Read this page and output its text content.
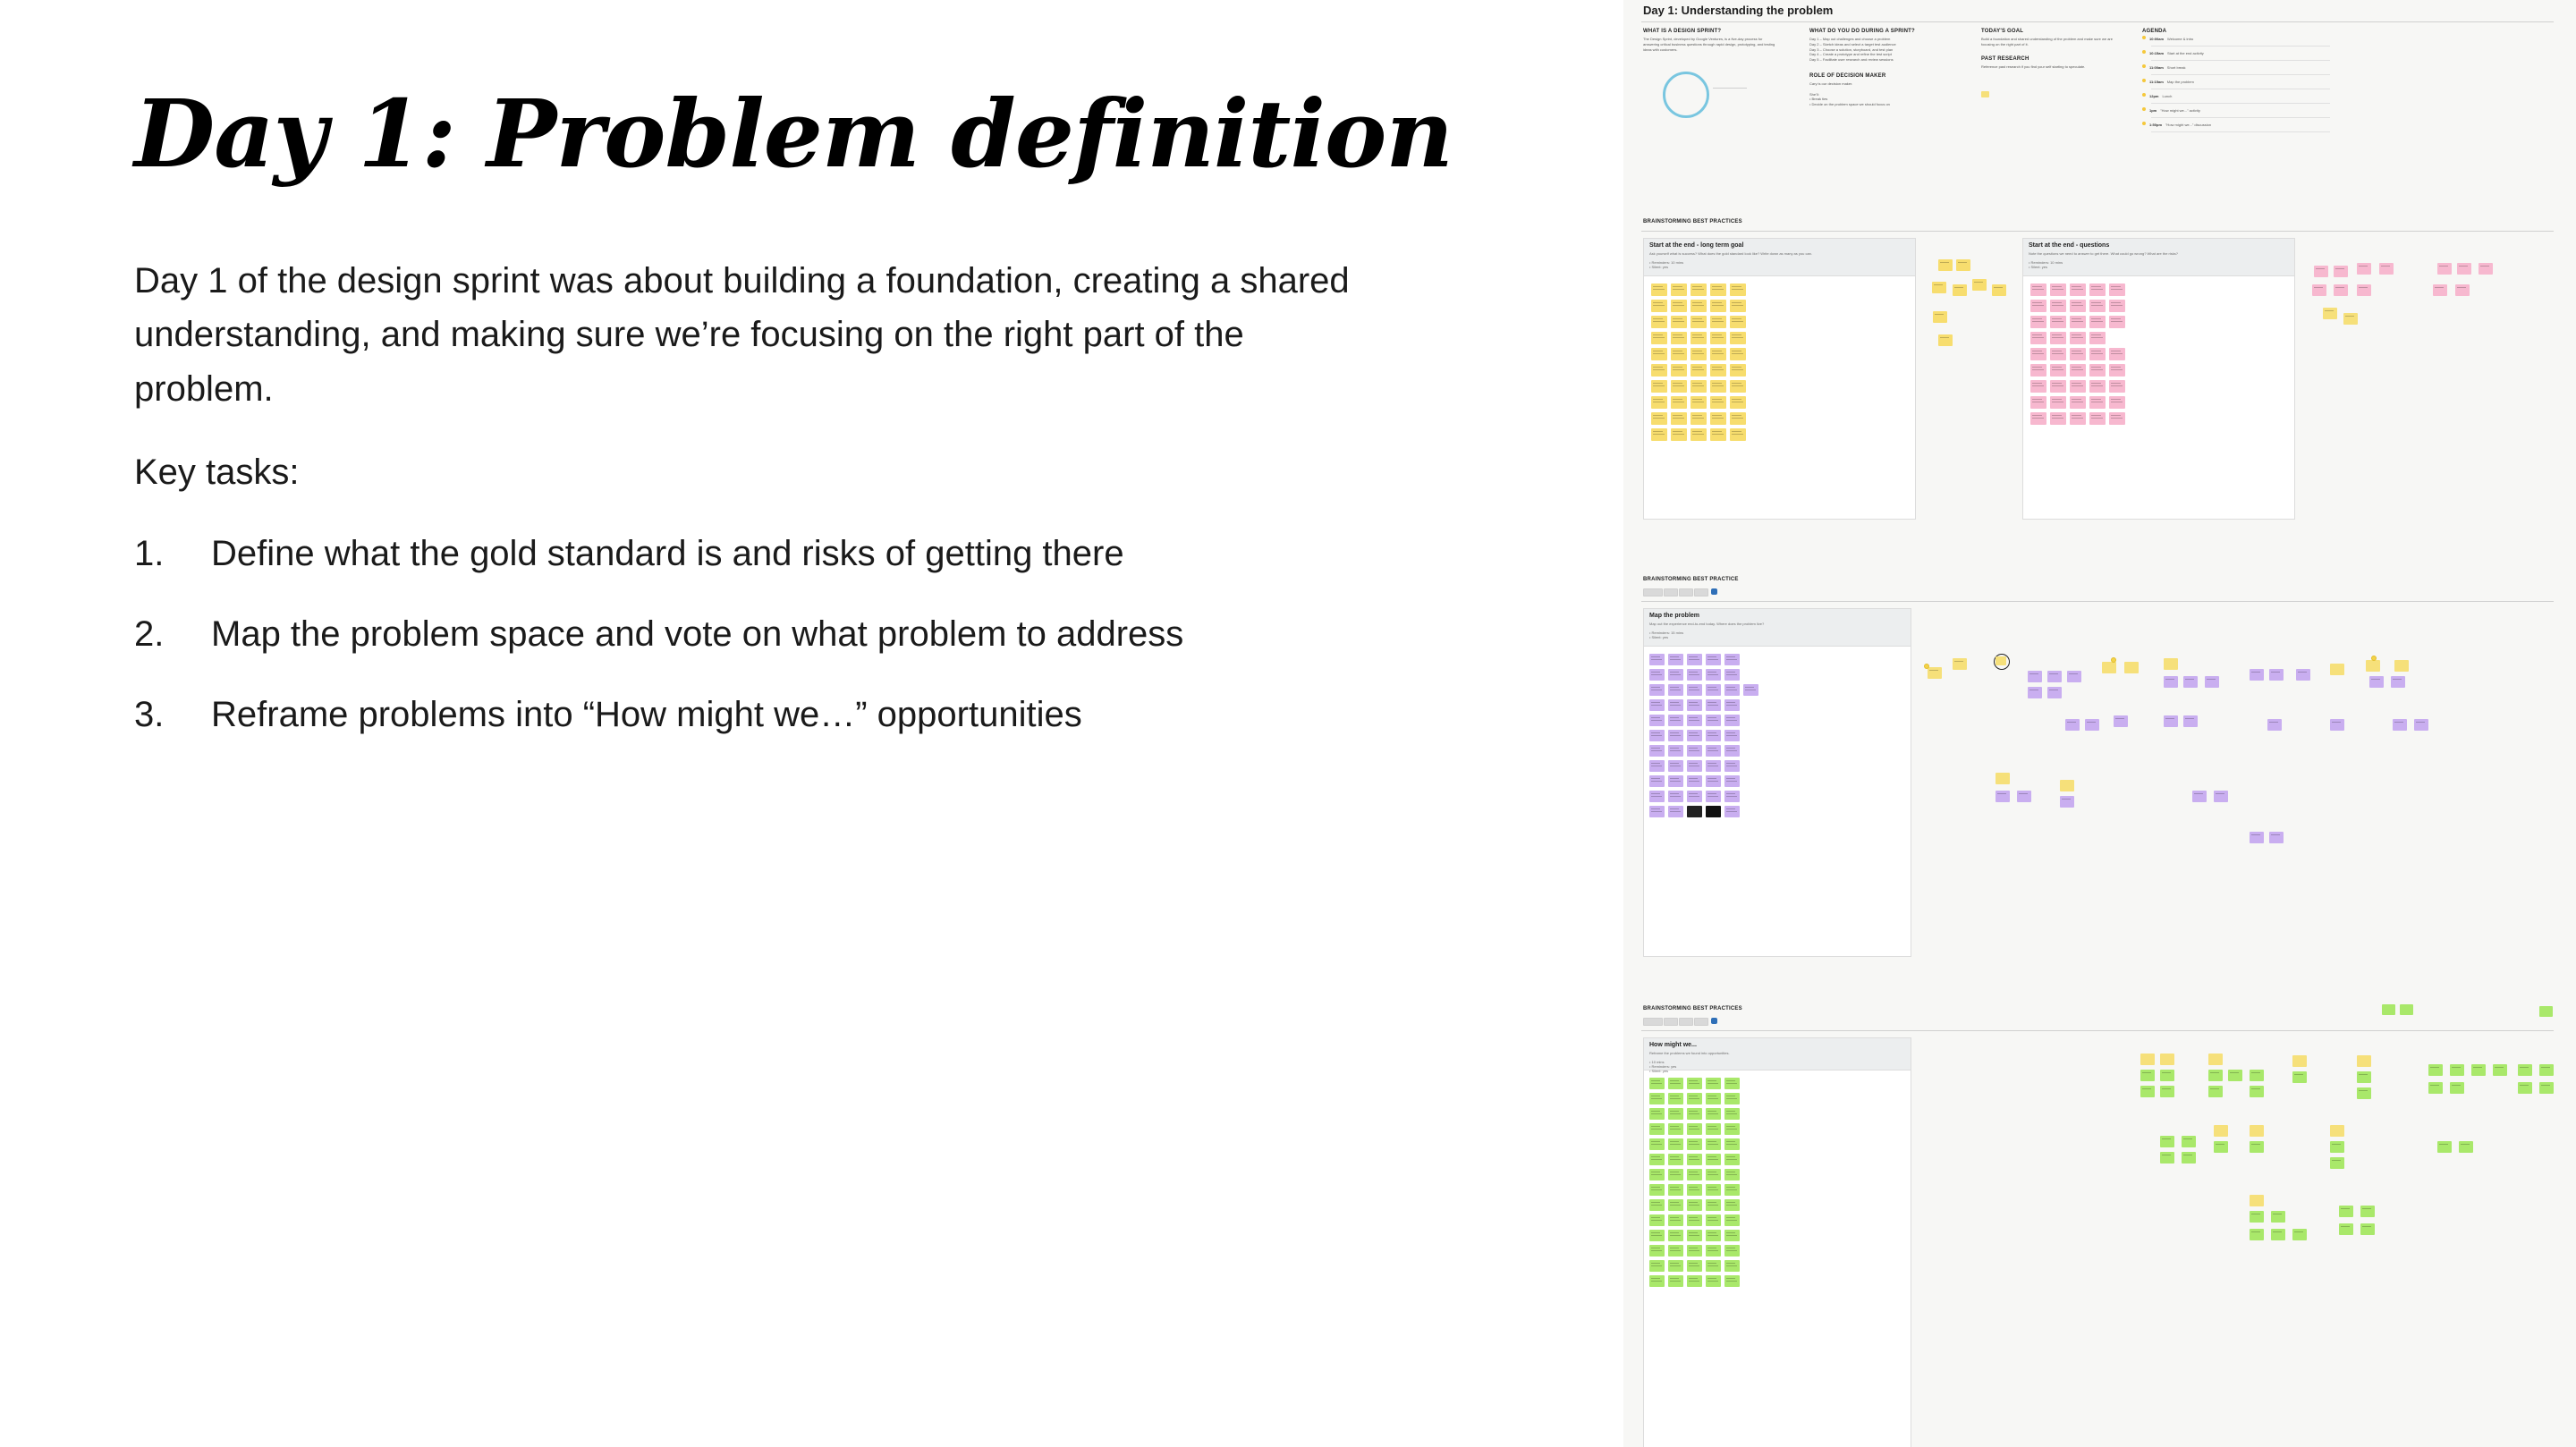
Day 1: Problem definition

Day 1 of the design sprint was about building a foundation, creating a shared understanding, and making sure we’re focusing on the right part of the problem.

Key tasks:

1.	Define what the gold standard is and risks of getting there
2.	Map the problem space and vote on what problem to address
3.	Reframe problems into “How might we…” opportunities
Day 1: Understanding the problem
WHAT IS A DESIGN SPRINT?

The Design Sprint, developed by Google Ventures, is a five-day process for answering critical business questions through rapid design, prototyping, and testing ideas with customers.

WHAT DO YOU DO DURING A SPRINT?

Day 1 – Map out challenges and choose a problem
Day 2 – Sketch ideas and select a target test audience
Day 3 – Choose a solution, storyboard, and test plan
Day 4 – Create a prototype and refine the test script
Day 5 – Facilitate user research and review sessions

ROLE OF DECISION MAKER

Cary is our decision maker.

She'll:
• Break ties
• Decide on the problem space we should focus on

TODAY'S GOAL

Build a foundation and shared understanding of the problem and make sure we are focusing on the right part of it.

PAST RESEARCH

Reference past research if you find your self starting to speculate.

AGENDA
10:00am Welcome & intro
10:15am Start at the end activity
11:00am Short break
11:15am Map the problem
12pm Lunch
1pm "How might we..." activity
1:50pm "How might we..." discussion
BRAINSTORMING BEST PRACTICES
Start at the end - long term goal
Ask yourself what is success? What does the gold standard look like? Write down as many as you can.

• Reminders: 10 mins
• Silent: yes
Start at the end - questions
Note the questions we need to answer to get there. What could go wrong? What are the risks?

• Reminders: 10 mins
• Silent: yes
BRAINSTORMING BEST PRACTICE
Map the problem
Map out the experience end-to-end today. Where does the problem live?

• Reminders: 15 mins
• Silent: yes
BRAINSTORMING BEST PRACTICES
How might we...
Reframe the problems we found into opportunities.

• 10 mins
• Reminders: yes
• Silent: yes
